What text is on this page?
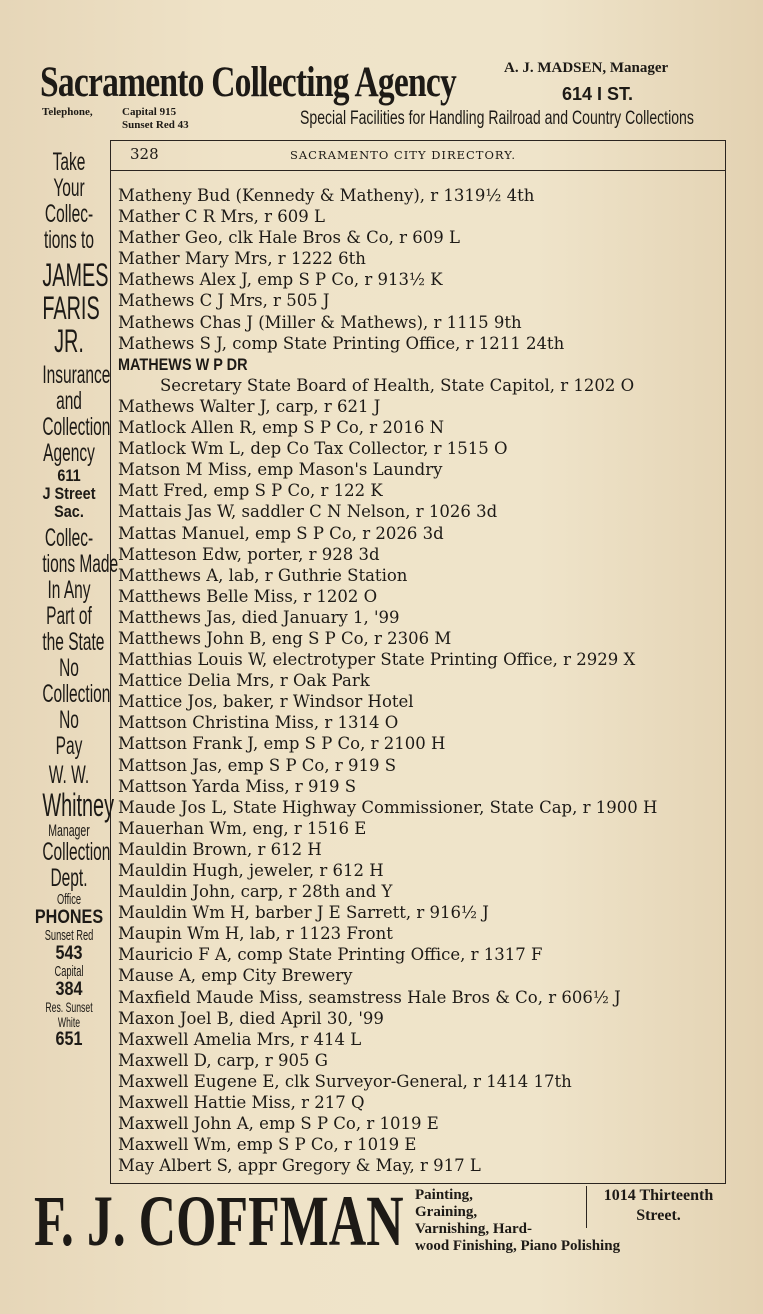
Sacramento Collecting Agency	A. J. MADSEN, Manager
614 I ST.
Telephone,	Capital 915
Sunset Red 43	Special Facilities for Handling Railroad and Country Collections
328	SACRAMENTO CITY DIRECTORY.
Matheny Bud (Kennedy & Matheny), r 1319½ 4th
Mather C R Mrs, r 609 L
Mather Geo, clk Hale Bros & Co, r 609 L
Mather Mary Mrs, r 1222 6th
Mathews Alex J, emp S P Co, r 913½ K
Mathews C J Mrs, r 505 J
Mathews Chas J (Miller & Mathews), r 1115 9th
Mathews S J, comp State Printing Office, r 1211 24th
MATHEWS W P DR
Secretary State Board of Health, State Capitol, r 1202 O
Mathews Walter J, carp, r 621 J
Matlock Allen R, emp S P Co, r 2016 N
Matlock Wm L, dep Co Tax Collector, r 1515 O
Matson M Miss, emp Mason's Laundry
Matt Fred, emp S P Co, r 122 K
Mattais Jas W, saddler C N Nelson, r 1026 3d
Mattas Manuel, emp S P Co, r 2026 3d
Matteson Edw, porter, r 928 3d
Matthews A, lab, r Guthrie Station
Matthews Belle Miss, r 1202 O
Matthews Jas, died January 1, '99
Matthews John B, eng S P Co, r 2306 M
Matthias Louis W, electrotyper State Printing Office, r 2929 X
Mattice Delia Mrs, r Oak Park
Mattice Jos, baker, r Windsor Hotel
Mattson Christina Miss, r 1314 O
Mattson Frank J, emp S P Co, r 2100 H
Mattson Jas, emp S P Co, r 919 S
Mattson Yarda Miss, r 919 S
Maude Jos L, State Highway Commissioner, State Cap, r 1900 H
Mauerhan Wm, eng, r 1516 E
Mauldin Brown, r 612 H
Mauldin Hugh, jeweler, r 612 H
Mauldin John, carp, r 28th and Y
Mauldin Wm H, barber J E Sarrett, r 916½ J
Maupin Wm H, lab, r 1123 Front
Mauricio F A, comp State Printing Office, r 1317 F
Mause A, emp City Brewery
Maxfield Maude Miss, seamstress Hale Bros & Co, r 606½ J
Maxon Joel B, died April 30, '99
Maxwell Amelia Mrs, r 414 L
Maxwell D, carp, r 905 G
Maxwell Eugene E, clk Surveyor-General, r 1414 17th
Maxwell Hattie Miss, r 217 Q
Maxwell John A, emp S P Co, r 1019 E
Maxwell Wm, emp S P Co, r 1019 E
May Albert S, appr Gregory & May, r 917 L
Take
Your
Collec-
tions to
JAMES
FARIS
JR.
Insurance
and
Collection
Agency
611
J Street
Sac.
Collec-
tions Made
In Any
Part of
the State
No
Collection
No
Pay
W. W.
Whitney
Manager
Collection
Dept.
Office
PHONES
Sunset Red
543
Capital
384
Res. Sunset
White
651
F. J. COFFMAN Painting,
Graining,
Varnishing, Hard-
wood Finishing, Piano Polishing
1014 Thirteenth
Street.
